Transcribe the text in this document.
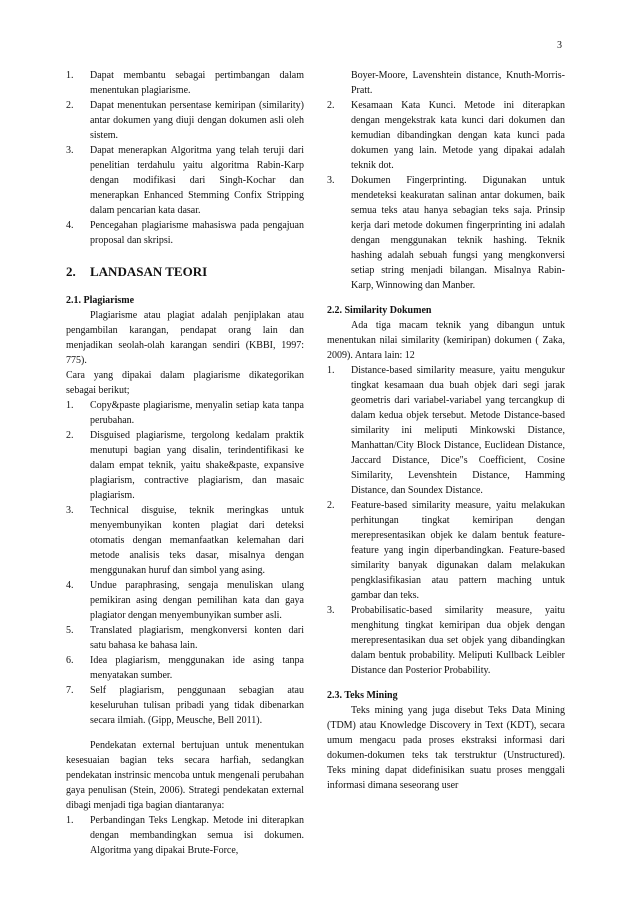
3
1.	Dapat membantu sebagai pertimbangan dalam menentukan plagiarisme.
2.	Dapat menentukan persentase kemiripan (similarity) antar dokumen yang diuji dengan dokumen asli oleh sistem.
3.	Dapat menerapkan Algoritma yang telah teruji dari penelitian terdahulu yaitu algoritma Rabin-Karp dengan modifikasi dari Singh-Kochar dan menerapkan Enhanced Stemming Confix Stripping dalam pencarian kata dasar.
4.	Pencegahan plagiarisme mahasiswa pada pengajuan proposal dan skripsi.
2.	LANDASAN TEORI
2.1. Plagiarisme

Plagiarisme atau plagiat adalah penjiplakan atau pengambilan karangan, pendapat orang lain dan menjadikan seolah-olah karangan sendiri (KBBI, 1997: 775).

Cara yang dipakai dalam plagiarisme dikategorikan sebagai berikut;

1.	Copy&paste plagiarisme, menyalin setiap kata tanpa perubahan.
2.	Disguised plagiarisme, tergolong kedalam praktik menutupi bagian yang disalin, terindentifikasi ke dalam empat teknik, yaitu shake&paste, expansive plagiarism, contractive plagiarism, dan masaic plagiarism.
3.	Technical disguise, teknik meringkas untuk menyembunyikan konten plagiat dari deteksi otomatis dengan memanfaatkan kelemahan dari metode analisis teks dasar, misalnya dengan menggunakan huruf dan simbol yang asing.
4.	Undue paraphrasing, sengaja menuliskan ulang pemikiran asing dengan pemilihan kata dan gaya plagiator dengan menyembunyikan sumber asli.
5.	Translated plagiarism, mengkonversi konten dari satu bahasa ke bahasa lain.
6.	Idea plagiarism, menggunakan ide asing tanpa menyatakan sumber.
7.	Self plagiarism, penggunaan sebagian atau keseluruhan tulisan pribadi yang tidak dibenarkan secara ilmiah. (Gipp, Meusche, Bell 2011).

Pendekatan external bertujuan untuk menentukan kesesuaian bagian teks secara harfiah, sedangkan pendekatan instrinsic mencoba untuk mengenali perubahan gaya penulisan (Stein, 2006). Strategi pendekatan external dibagi menjadi tiga bagian diantaranya:

1.	Perbandingan Teks Lengkap. Metode ini diterapkan dengan membandingkan semua isi dokumen. Algoritma yang dipakai Brute-Force,

Boyer-Moore, Lavenshtein distance, Knuth-Morris-Pratt.

2.	Kesamaan Kata Kunci. Metode ini diterapkan dengan mengekstrak kata kunci dari dokumen dan kemudian dibandingkan dengan kata kunci pada dokumen yang lain. Metode yang dipakai adalah teknik dot.
3.	Dokumen Fingerprinting. Digunakan untuk mendeteksi keakuratan salinan antar dokumen, baik semua teks atau hanya sebagian teks saja. Prinsip kerja dari metode dokumen fingerprinting ini adalah dengan menggunakan teknik hashing. Teknik hashing adalah sebuah fungsi yang mengkonversi setiap string menjadi bilangan. Misalnya Rabin-Karp, Winnowing dan Manber.
2.2. Similarity Dokumen

Ada tiga macam teknik yang dibangun untuk menentukan nilai similarity (kemiripan) dokumen ( Zaka, 2009). Antara lain: 12

1.	Distance-based similarity measure, yaitu mengukur tingkat kesamaan dua buah objek dari segi jarak geometris dari variabel-variabel yang tercangkup di dalam kedua objek tersebut. Metode Distance-based similarity ini meliputi Minkowski Distance, Manhattan/City Block Distance, Euclidean Distance, Jaccard Distance, Dice"s Coefficient, Cosine Similarity, Levenshtein Distance, Hamming Distance, dan Soundex Distance.
2.	Feature-based similarity measure, yaitu melakukan perhitungan tingkat kemiripan dengan merepresentasikan objek ke dalam bentuk feature-feature yang ingin diperbandingkan. Feature-based similarity banyak digunakan dalam melakukan pengklasifikasian atau pattern maching untuk gambar dan teks.
3.	Probabilisatic-based similarity measure, yaitu menghitung tingkat kemiripan dua objek dengan merepresentasikan dua set objek yang dibandingkan dalam bentuk probability. Meliputi Kullback Leibler Distance dan Posterior Probability.
2.3. Teks Mining

Teks mining yang juga disebut Teks Data Mining (TDM) atau Knowledge Discovery in Text (KDT), secara umum mengacu pada proses ekstraksi informasi dari dokumen-dokumen teks tak terstruktur (Unstructured). Teks mining dapat didefinisikan suatu proses menggali informasi dimana seseorang user
